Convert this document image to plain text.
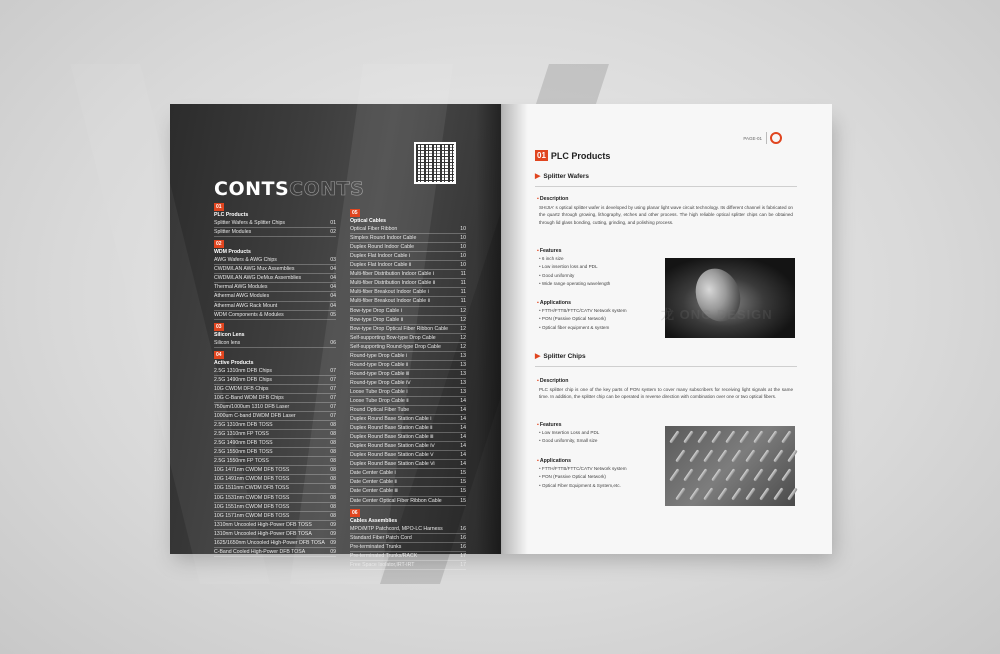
CONTSCONTS
01
PLC Products
Splitter Wafers & Splitter Chips	01
Splitter Modules	02
02
WDM Products
AWG Wafers & AWG Chips	03
CWDM/LAN AWG Mux Assemblies	04
CWDM/LAN AWG DeMux Assemblies	04
Thermal AWG Modules	04
Athermal AWG Modules	04
Athermal AWG Rack Mount	04
WDM Components & Modules	05
03
Silicon Lens
Silicon lens	06
04
Active Products
2.5G 1310nm DFB Chips	07
2.5G 1490nm DFB Chips	07
10G CWDM DFB Chips	07
10G C-Band WDM DFB Chips	07
750um/1000um 1310 DFB Laser	07
1000um C-band DWDM DFB Laser	07
2.5G 1310nm DFB TOSS	08
2.5G 1310nm FP TOSS	08
2.5G 1490nm DFB TOSS	08
2.5G 1550nm DFB TOSS	08
2.5G 1550nm FP TOSS	08
10G 1471nm CWDM DFB TOSS	08
10G 1491nm CWDM DFB TOSS	08
10G 1511nm CWDM DFB TOSS	08
10G 1531nm CWDM DFB TOSS	08
10G 1551nm CWDM DFB TOSS	08
10G 1571nm CWDM DFB TOSS	08
1310nm Uncooled High-Power DFB TOSS	09
1310nm Uncooled High-Power DFB TOSA	09
1625/1650nm Uncooled High-Power DFB TOSA	09
C-Band Cooled High-Power DFB TOSA	09
05
Optical Cables
Optical Fiber Ribbon	10
Simplex Round Indoor Cable	10
Duplex Round Indoor Cable	10
Duplex Flat Indoor Cable Ⅰ	10
Duplex Flat Indoor Cable Ⅱ	10
Multi-fiber Distribution Indoor Cable Ⅰ	11
Multi-fiber Distribution Indoor Cable Ⅱ	11
Multi-fiber Breakout Indoor Cable Ⅰ	11
Multi-fiber Breakout Indoor Cable Ⅱ	11
Bow-type Drop Cable Ⅰ	12
Bow-type Drop Cable Ⅱ	12
Bow-type Drop Optical Fiber Ribbon Cable	12
Self-supporting Bow-type Drop Cable	12
Self-supporting Round-type Drop Cable	12
Round-type Drop Cable Ⅰ	13
Round-type Drop Cable Ⅱ	13
Round-type Drop Cable Ⅲ	13
Round-type Drop Cable Ⅳ	13
Loose Tube Drop Cable Ⅰ	13
Loose Tube Drop Cable Ⅱ	14
Round Optical Fiber Tube	14
Duplex Round Base Station Cable Ⅰ	14
Duplex Round Base Station Cable Ⅱ	14
Duplex Round Base Station Cable Ⅲ	14
Duplex Round Base Station Cable Ⅳ	14
Duplex Round Base Station Cable Ⅴ	14
Duplex Round Base Station Cable Ⅵ	14
Date Center Cable Ⅰ	15
Date Center Cable Ⅱ	15
Date Center Cable Ⅲ	15
Date Center Optical Fiber Ribbon Cable	15
06
Cables Assemblies
MPO/MTP Patchcord, MPO-LC Harness	16
Standard Fiber Patch Cord	16
Pre-terminated Trunks	16
Pre-terminated Trunks/RACK	17
Free Space Isolator,IRT-IRT	17
PAGE-01
01 PLC Products
▶ Splitter Wafers
▪Description
SHIJIA' s optical splitter wafer is developed by using planar light wave circuit technology. Its different channel is fabricated on the quartz through growing, lithography, etches and other process. The high reliable optical splitter chips can be obtained through lid glass bonding, cutting, grinding, and polishing process.
▪Features
• 6 inch size
• Low insertion loss and PDL
• Good uniformity
• Wide range operating wavelength
▪Applications
• FTTH/FTTB/FTTC/CATV Network system
• PON (Passive Optical Network)
• Optical fiber equipment & system
龙 ONG DESIGN
▶ Splitter Chips
▪Description
PLC splitter chip is one of the key parts of PON system to cover many subscribers for receiving light signals at the same time. In addition, the splitter chip can be operated in reverse direction with combination over one or two optical fibers.
▪Features
• Low Insertion Loss and PDL
• Good uniformity, Small size
▪Applications
• FTTH/FTTB/FTTC/CATV Network system
• PON (Passive Optical Network)
• Optical Fiber Equipment & System,etc.
